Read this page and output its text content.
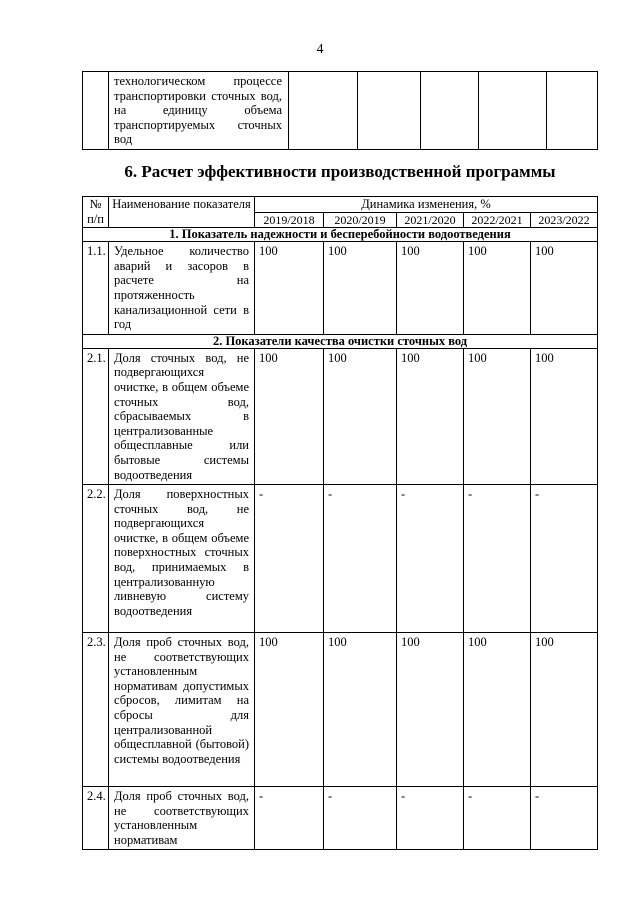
4
	технологическом процессе транспортировки сточных вод, на единицу объема транспортируемых сточных вод					
6. Расчет эффективности производственной программы
№ п/п	Наименование показателя	Динамика изменения, %				
		2019/2018	2020/2019	2021/2020	2022/2021	2023/2022
1. Показатель надежности и бесперебойности водоотведения						
1.1.	Удельное количество аварий и засоров в расчете на протяженность канализационной сети в год	100	100	100	100	100
2. Показатели качества очистки сточных вод						
2.1.	Доля сточных вод, не подвергающихся очистке, в общем объеме сточных вод, сбрасываемых в централизованные общесплавные или бытовые системы водоотведения	100	100	100	100	100
2.2.	Доля поверхностных сточных вод, не подвергающихся очистке, в общем объеме поверхностных сточных вод, принимаемых в централизованную ливневую систему водоотведения	-	-	-	-	-
2.3.	Доля проб сточных вод, не соответствующих установленным нормативам допустимых сбросов, лимитам на сбросы для централизованной общесплавной (бытовой) системы водоотведения	100	100	100	100	100
2.4.	Доля проб сточных вод, не соответствующих установленным нормативам	-	-	-	-	-
